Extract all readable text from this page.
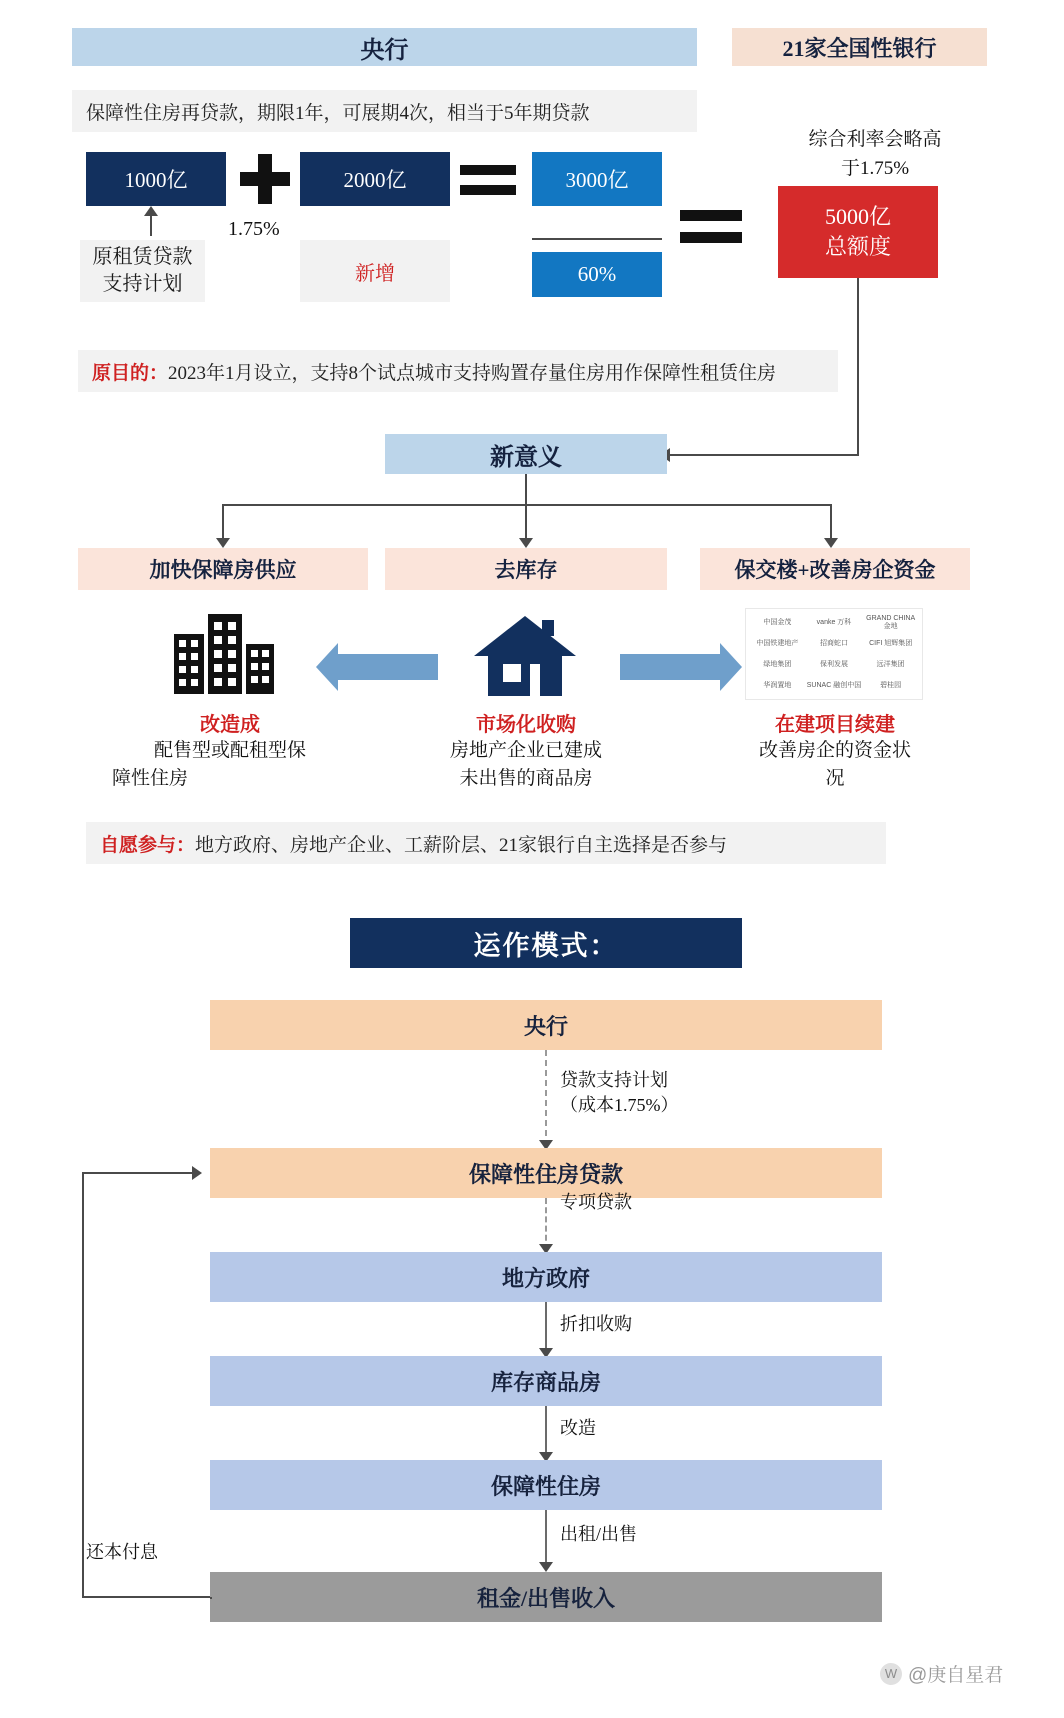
央行	21家全国性银行
保障性住房再贷款，期限1年，可展期4次，相当于5年期贷款
1000亿	2000亿	3000亿
1.75%
原租赁贷款
支持计划	新增	60%
5000亿
总额度
综合利率会略高
于1.75%
原目的： 2023年1月设立，支持8个试点城市支持购置存量住房用作保障性租赁住房
新意义
加快保障房供应	去库存	保交楼+改善房企资金
中国金茂	vanke 万科
GRAND CHINA 金地
中国铁建地产	招商蛇口	CIFI 旭辉集团
绿地集团	保利发展	远洋集团
华润置地	SUNAC 融创中国	碧桂园
改造成
配售型或配租型保
障性住房
市场化收购
房地产企业已建成
未出售的商品房
在建项目续建
改善房企的资金状
况
自愿参与： 地方政府、房地产企业、工薪阶层、21家银行自主选择是否参与
运作模式：
央行
贷款支持计划
（成本1.75%）
保障性住房贷款
专项贷款
地方政府
折扣收购
库存商品房
改造
保障性住房
出租/出售
租金/出售收入
还本付息
W @庚自星君
